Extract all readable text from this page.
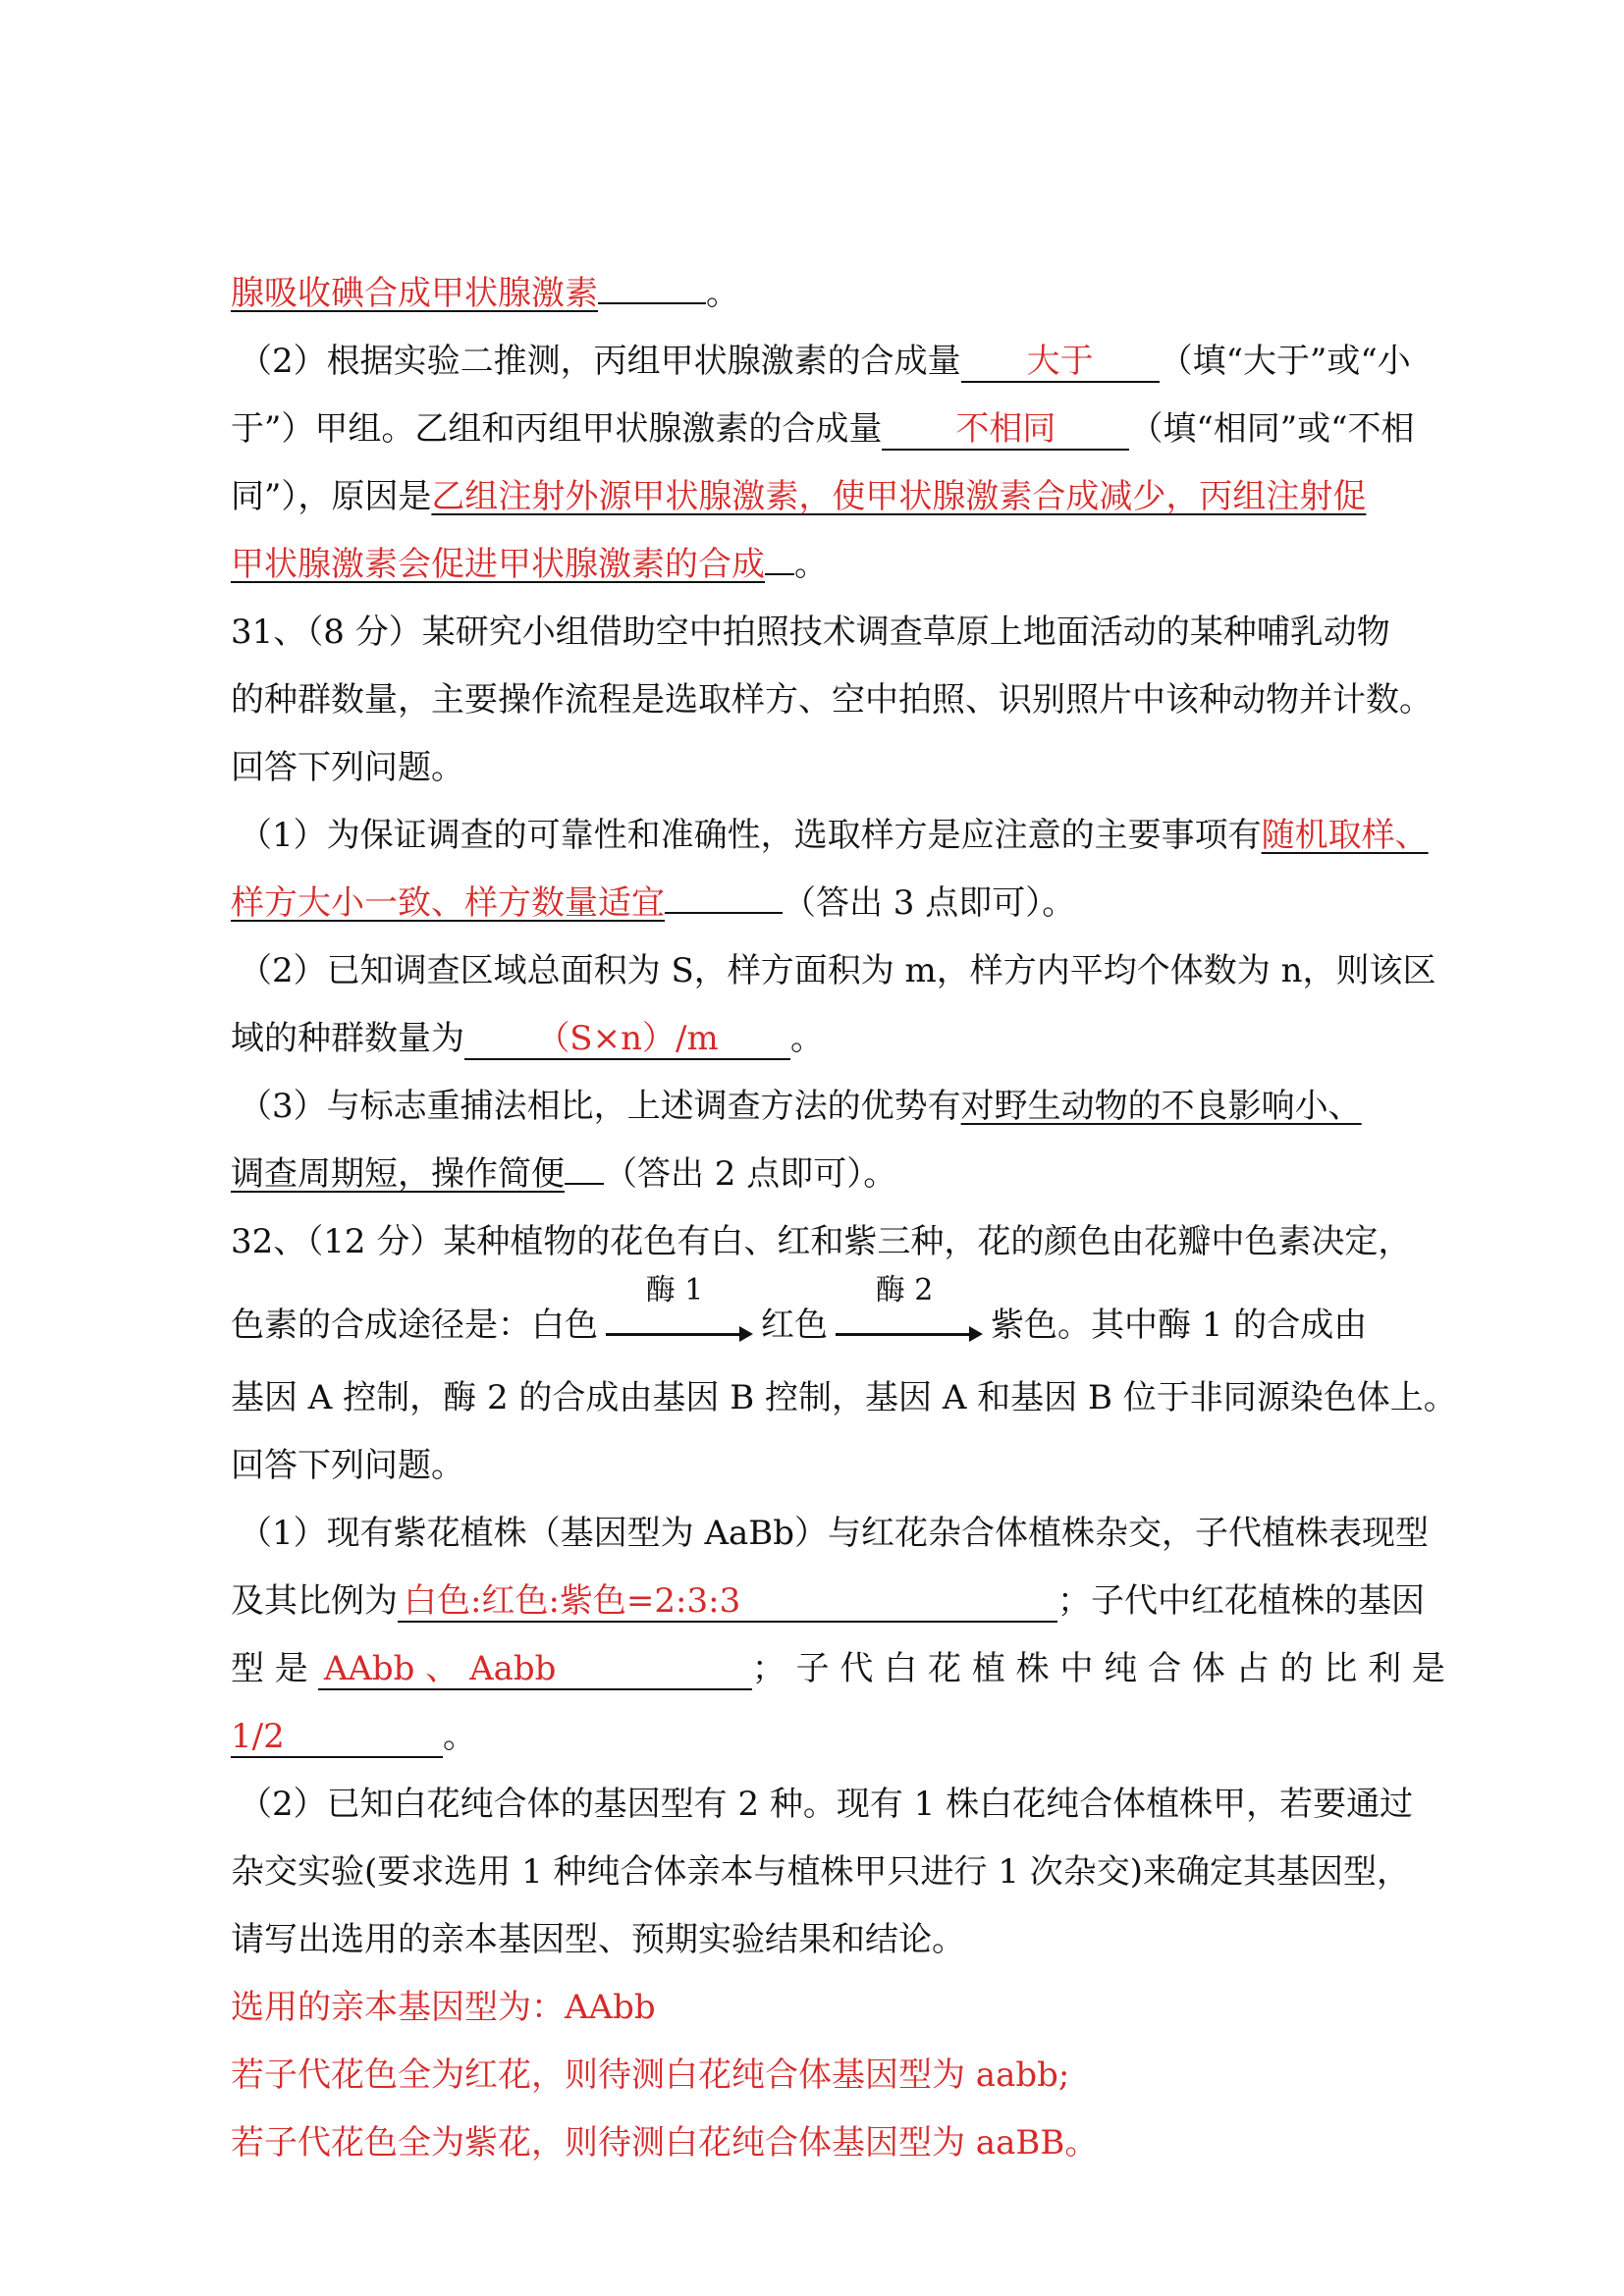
腺吸收碘合成甲状腺激素	。
（2）根据实验二推测，丙组甲状腺激素的合成量 大于 （填“大于”或“小
于”）甲组。乙组和丙组甲状腺激素的合成量 不相同 （填“相同”或“不相
同”），原因是乙组注射外源甲状腺激素，使甲状腺激素合成减少，丙组注射促
甲状腺激素会促进甲状腺激素的合成 。
31、（8 分）某研究小组借助空中拍照技术调查草原上地面活动的某种哺乳动物
的种群数量，主要操作流程是选取样方、空中拍照、识别照片中该种动物并计数。
回答下列问题。
（1）为保证调查的可靠性和准确性，选取样方是应注意的主要事项有随机取样、
样方大小一致、样方数量适宜	（答出 3 点即可）。
（2）已知调查区域总面积为 S，样方面积为 m，样方内平均个体数为 n，则该区
域的种群数量为 （S×n）/m 。
（3）与标志重捕法相比，上述调查方法的优势有对野生动物的不良影响小、
调查周期短，操作简便 （答出 2 点即可）。
32、（12 分）某种植物的花色有白、红和紫三种，花的颜色由花瓣中色素决定，
色素的合成途径是：白色
酶 1
红色
酶 2
紫色。其中酶 1 的合成由
基因 A 控制，酶 2 的合成由基因 B 控制，基因 A 和基因 B 位于非同源染色体上。
回答下列问题。
（1）现有紫花植株（基因型为 AaBb）与红花杂合体植株杂交，子代植株表现型
及其比例为 白色:红色:紫色=2:3:3	；子代中红花植株的基因
型 是 AAbb 、 Aabb	； 子 代 白 花 植 株 中 纯 合 体 占 的 比 利 是
1/2	。
（2）已知白花纯合体的基因型有 2 种。现有 1 株白花纯合体植株甲，若要通过
杂交实验(要求选用 1 种纯合体亲本与植株甲只进行 1 次杂交)来确定其基因型，
请写出选用的亲本基因型、预期实验结果和结论。
选用的亲本基因型为：AAbb
若子代花色全为红花，则待测白花纯合体基因型为 aabb;
若子代花色全为紫花，则待测白花纯合体基因型为 aaBB。
